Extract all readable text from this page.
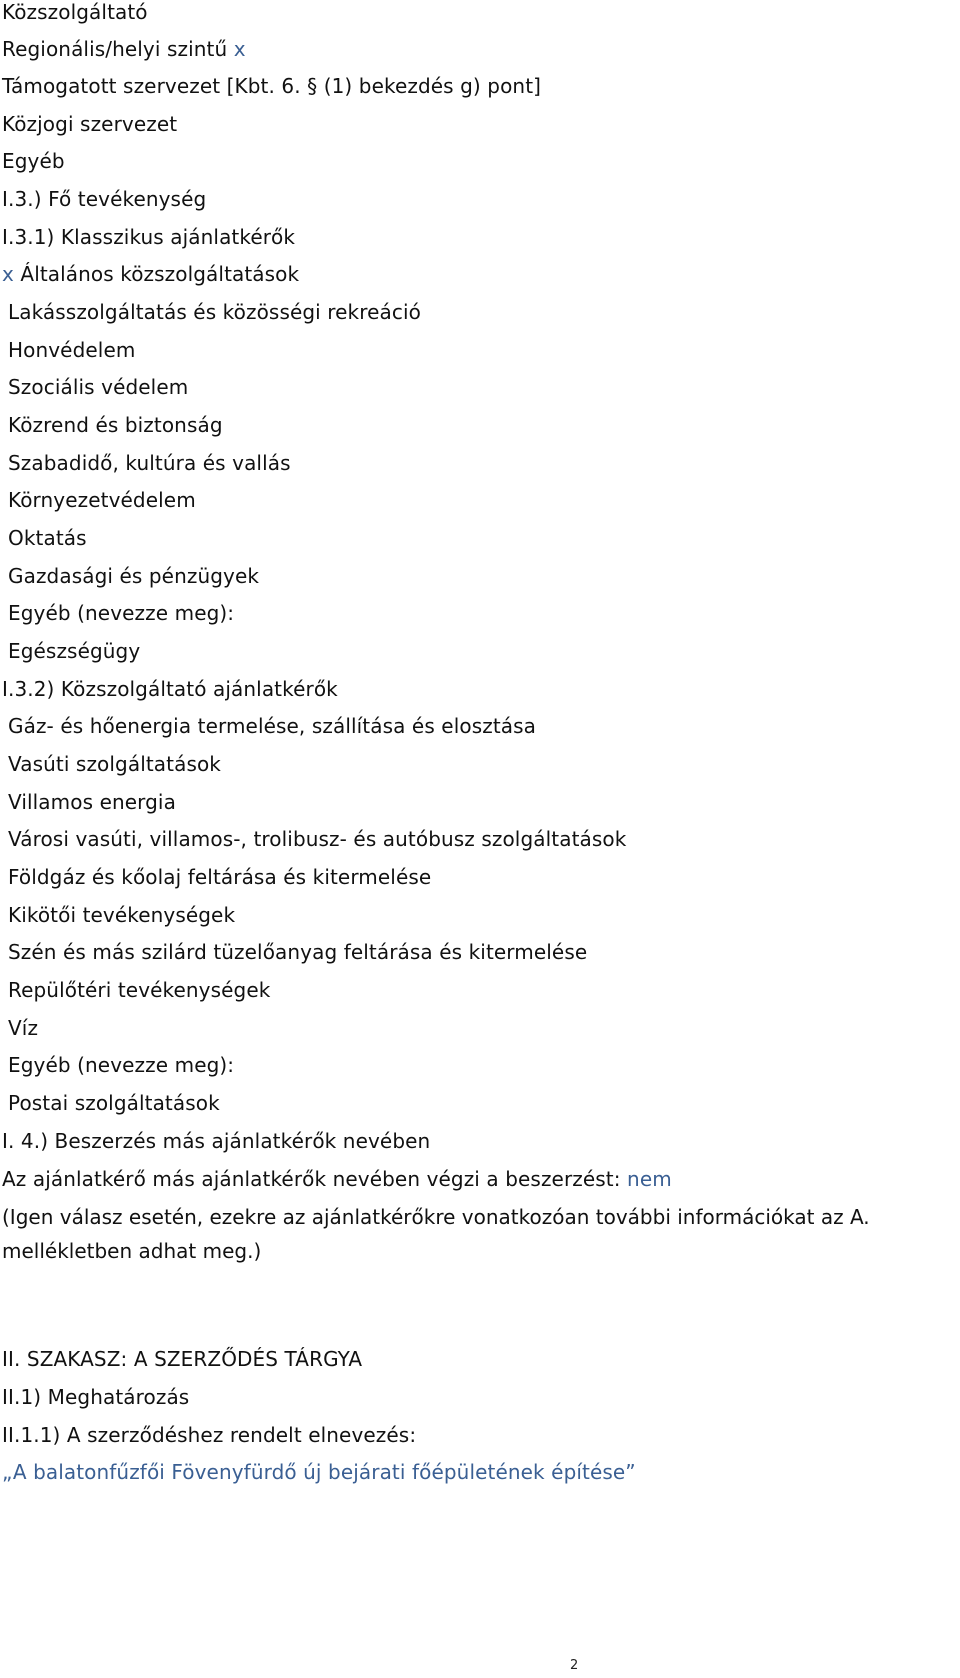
Közszolgáltató
Regionális/helyi szintű x
Támogatott szervezet [Kbt. 6. § (1) bekezdés g) pont]
Közjogi szervezet
Egyéb
I.3.) Fő tevékenység
I.3.1) Klasszikus ajánlatkérők
x Általános közszolgáltatások
Lakásszolgáltatás és közösségi rekreáció
Honvédelem
Szociális védelem
Közrend és biztonság
Szabadidő, kultúra és vallás
Környezetvédelem
Oktatás
Gazdasági és pénzügyek
Egyéb (nevezze meg):
Egészségügy
I.3.2) Közszolgáltató ajánlatkérők
Gáz- és hőenergia termelése, szállítása és elosztása
Vasúti szolgáltatások
Villamos energia
Városi vasúti, villamos-, trolibusz- és autóbusz szolgáltatások
Földgáz és kőolaj feltárása és kitermelése
Kikötői tevékenységek
Szén és más szilárd tüzelőanyag feltárása és kitermelése
Repülőtéri tevékenységek
Víz
Egyéb (nevezze meg):
Postai szolgáltatások
I. 4.) Beszerzés más ajánlatkérők nevében
Az ajánlatkérő más ajánlatkérők nevében végzi a beszerzést: nem
(Igen válasz esetén, ezekre az ajánlatkérőkre vonatkozóan további információkat az A. mellékletben adhat meg.)
II. SZAKASZ: A SZERZŐDÉS TÁRGYA
II.1) Meghatározás
II.1.1) A szerződéshez rendelt elnevezés:
„A balatonfűzfői Fövenyfürdő új bejárati főépületének építése”
2
